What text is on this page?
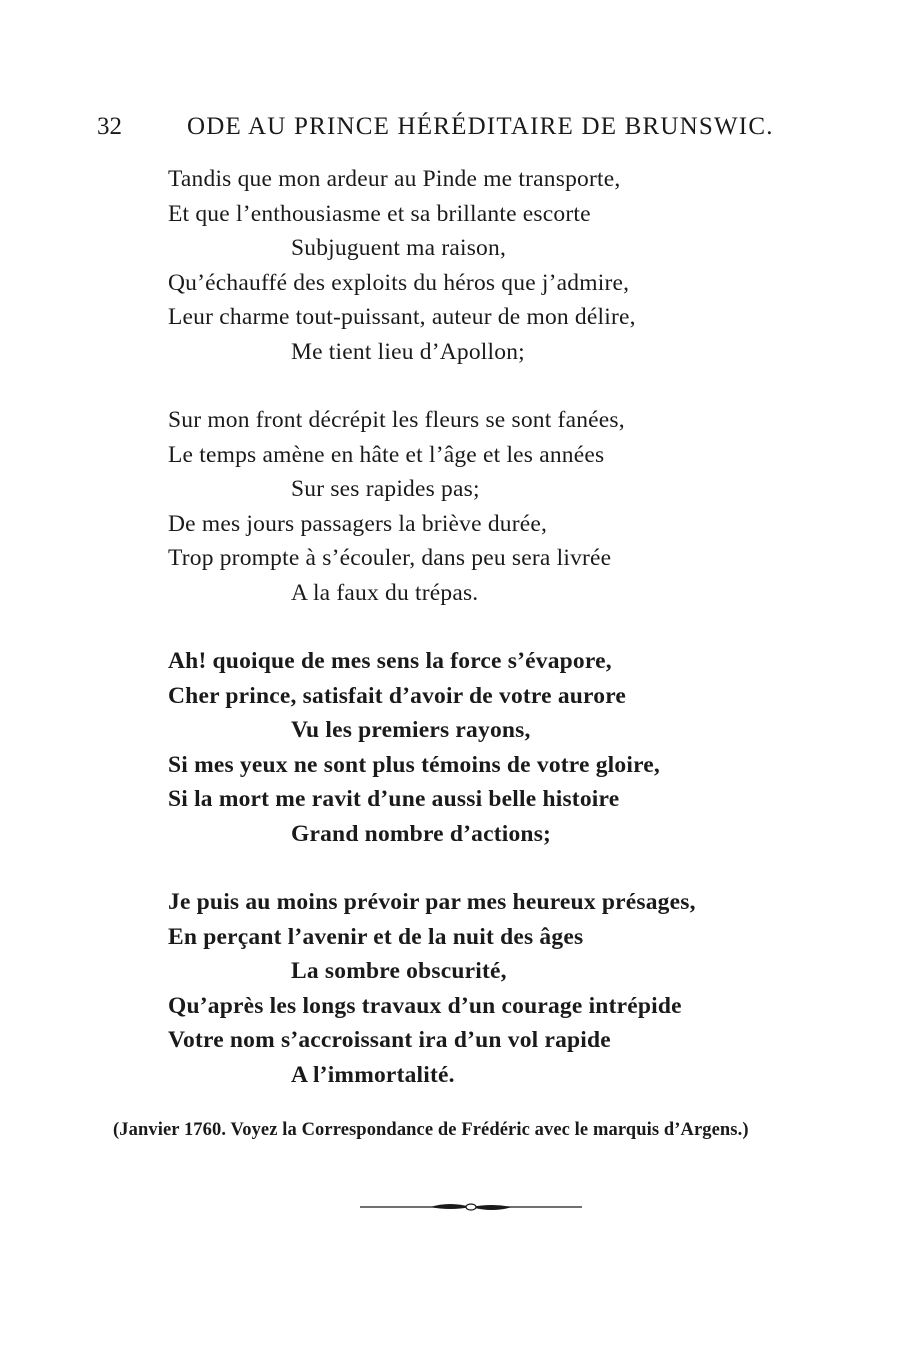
32	ODE AU PRINCE HÉRÉDITAIRE DE BRUNSWIC.
Tandis que mon ardeur au Pinde me transporte,
Et que l’enthousiasme et sa brillante escorte
Subjuguent ma raison,
Qu’échauffé des exploits du héros que j’admire,
Leur charme tout-puissant, auteur de mon délire,
Me tient lieu d’Apollon;
Sur mon front décrépit les fleurs se sont fanées,
Le temps amène en hâte et l’âge et les années
Sur ses rapides pas;
De mes jours passagers la briève durée,
Trop prompte à s’écouler, dans peu sera livrée
A la faux du trépas.
Ah! quoique de mes sens la force s’évapore,
Cher prince, satisfait d’avoir de votre aurore
Vu les premiers rayons,
Si mes yeux ne sont plus témoins de votre gloire,
Si la mort me ravit d’une aussi belle histoire
Grand nombre d’actions;
Je puis au moins prévoir par mes heureux présages,
En perçant l’avenir et de la nuit des âges
La sombre obscurité,
Qu’après les longs travaux d’un courage intrépide
Votre nom s’accroissant ira d’un vol rapide
A l’immortalité.
(Janvier 1760. Voyez la Correspondance de Frédéric avec le marquis d’Argens.)
